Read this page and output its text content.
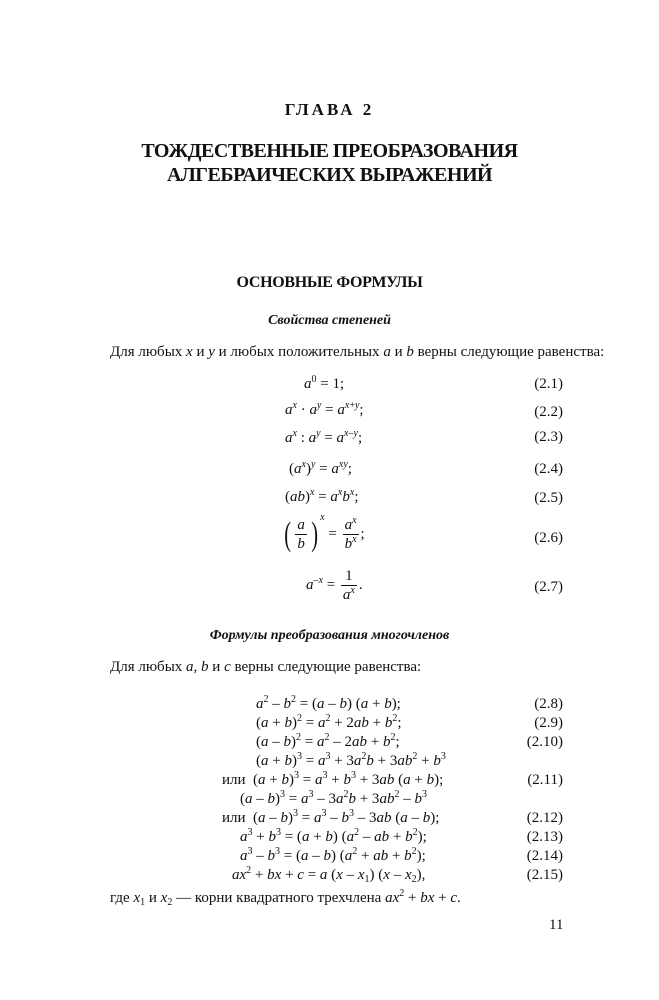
ГЛАВА 2
ТОЖДЕСТВЕННЫЕ ПРЕОБРАЗОВАНИЯ
АЛГЕБРАИЧЕСКИХ ВЫРАЖЕНИЙ
ОСНОВНЫЕ ФОРМУЛЫ
Свойства степеней
Для любых x и y и любых положительных a и b верны следующие равенства:
$a^0 = 1$;	(2.1)
$a^x \cdot a^y = a^{x+y}$;	(2.2)
$a^x$ : $a^y = a^{x-y}$;	(2.3)
$(a^x)^y = a^{xy}$;	(2.4)
$(ab)^x = a^xb^x$;	(2.5)
( $\frac{a}{b}$ ) $^x = \frac{a^x}{b^x}$ ;	(2.6)
$a^{-x} = \frac{1}{a^x}$ .	(2.7)
Формулы преобразования многочленов
Для любых a, b и c верны следующие равенства:
$a^2 - b^2 = (a - b) (a + b)$;	(2.8)
$(a + b)^2 = a^2 + 2ab + b^2$;	(2.9)
$(a - b)^2 = a^2 - 2ab + b^2$;	(2.10)
$(a + b)^3 = a^3 + 3a^2b + 3ab^2 + b^3$
или  $(a + b)^3 = a^3 + b^3 + 3ab$ (a + b);	(2.11)
$(a - b)^3 = a^3 - 3a^2b + 3ab^2 - b^3$
или  $(a - b)^3 = a^3 - b^3 - 3ab$ (a – b);	(2.12)
$a^3 + b^3 = (a + b)$ ($a^2$ – ab + $b^2$);	(2.13)
$a^3 - b^3 = (a - b) (a^2$ + ab + $b^2$);	(2.14)
$ax^2$ + bx + c = a $(x - x_1)$ $(x - x_2)$,	(2.15)
где $x_1$ и $x_2$ — корни квадратного трехчлена $ax^2$ + bx + c.
11
